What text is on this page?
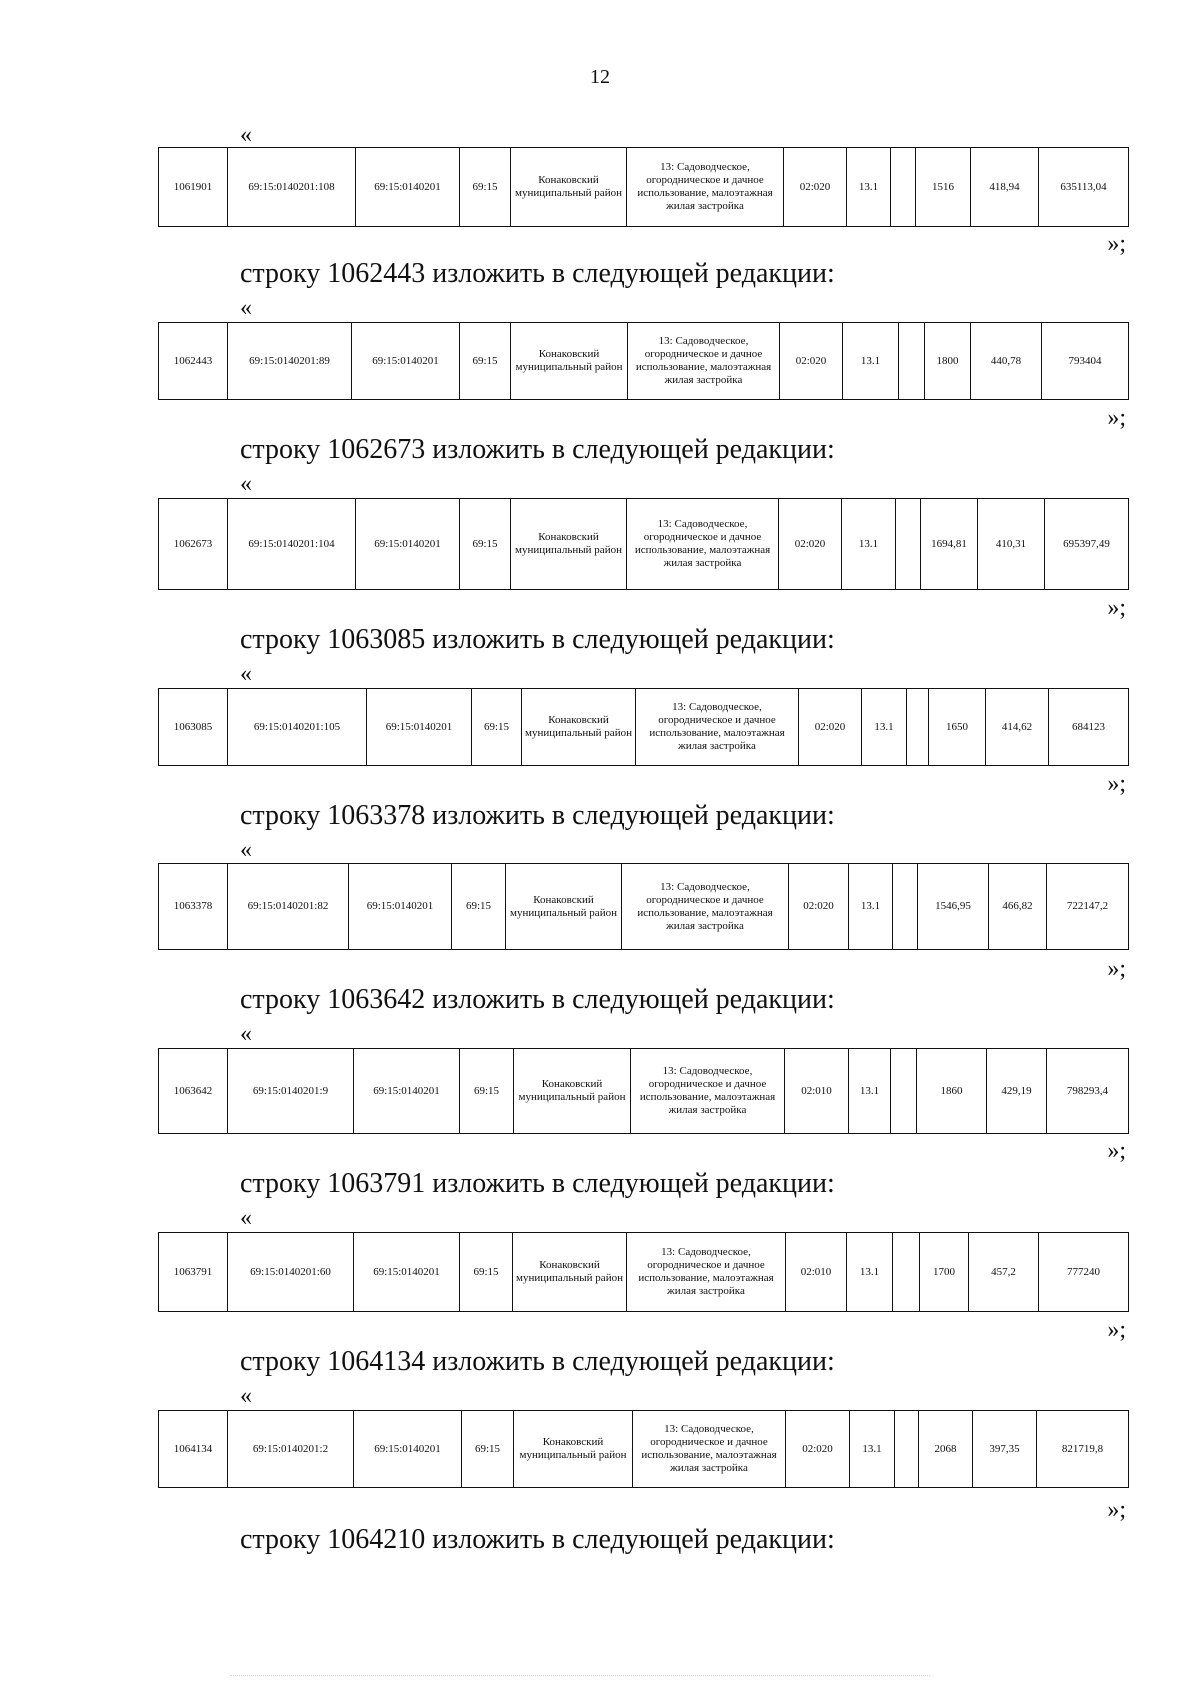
12
«
1061901	69:15:0140201:108	69:15:0140201	69:15	Конаковский муниципальный район	13: Садоводческое, огородническое и дачное использование, малоэтажная жилая застройка	02:020	13.1		1516	418,94	635113,04
»;
строку 1062443 изложить в следующей редакции:
«
1062443	69:15:0140201:89	69:15:0140201	69:15	Конаковский муниципальный район	13: Садоводческое, огородническое и дачное использование, малоэтажная жилая застройка	02:020	13.1		1800	440,78	793404
»;
строку 1062673 изложить в следующей редакции:
«
1062673	69:15:0140201:104	69:15:0140201	69:15	Конаковский муниципальный район	13: Садоводческое, огородническое и дачное использование, малоэтажная жилая застройка	02:020	13.1		1694,81	410,31	695397,49
»;
строку 1063085 изложить в следующей редакции:
«
1063085	69:15:0140201:105	69:15:0140201	69:15	Конаковский муниципальный район	13: Садоводческое, огородническое и дачное использование, малоэтажная жилая застройка	02:020	13.1		1650	414,62	684123
»;
строку 1063378 изложить в следующей редакции:
«
1063378	69:15:0140201:82	69:15:0140201	69:15	Конаковский муниципальный район	13: Садоводческое, огородническое и дачное использование, малоэтажная жилая застройка	02:020	13.1		1546,95	466,82	722147,2
»;
строку 1063642 изложить в следующей редакции:
«
1063642	69:15:0140201:9	69:15:0140201	69:15	Конаковский муниципальный район	13: Садоводческое, огородническое и дачное использование, малоэтажная жилая застройка	02:010	13.1		1860	429,19	798293,4
»;
строку 1063791 изложить в следующей редакции:
«
1063791	69:15:0140201:60	69:15:0140201	69:15	Конаковский муниципальный район	13: Садоводческое, огородническое и дачное использование, малоэтажная жилая застройка	02:010	13.1		1700	457,2	777240
»;
строку 1064134 изложить в следующей редакции:
«
1064134	69:15:0140201:2	69:15:0140201	69:15	Конаковский муниципальный район	13: Садоводческое, огородническое и дачное использование, малоэтажная жилая застройка	02:020	13.1		2068	397,35	821719,8
»;
строку 1064210 изложить в следующей редакции:
